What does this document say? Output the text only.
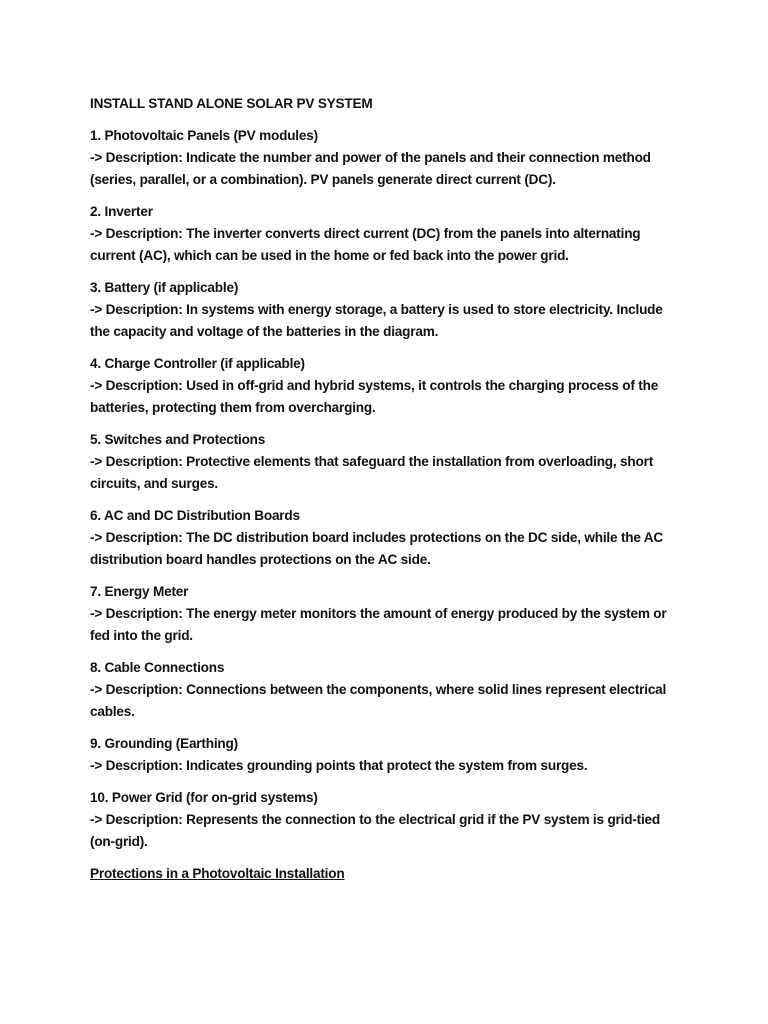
INSTALL STAND ALONE SOLAR PV SYSTEM
1. Photovoltaic Panels (PV modules)
-> Description: Indicate the number and power of the panels and their connection method (series, parallel, or a combination). PV panels generate direct current (DC).
2. Inverter
-> Description: The inverter converts direct current (DC) from the panels into alternating current (AC), which can be used in the home or fed back into the power grid.
3. Battery (if applicable)
-> Description: In systems with energy storage, a battery is used to store electricity. Include the capacity and voltage of the batteries in the diagram.
4. Charge Controller (if applicable)
-> Description: Used in off-grid and hybrid systems, it controls the charging process of the batteries, protecting them from overcharging.
5. Switches and Protections
-> Description: Protective elements that safeguard the installation from overloading, short circuits, and surges.
6. AC and DC Distribution Boards
-> Description: The DC distribution board includes protections on the DC side, while the AC distribution board handles protections on the AC side.
7. Energy Meter
-> Description: The energy meter monitors the amount of energy produced by the system or fed into the grid.
8. Cable Connections
-> Description: Connections between the components, where solid lines represent electrical cables.
9. Grounding (Earthing)
-> Description: Indicates grounding points that protect the system from surges.
10. Power Grid (for on-grid systems)
-> Description: Represents the connection to the electrical grid if the PV system is grid-tied (on-grid).
Protections in a Photovoltaic Installation
